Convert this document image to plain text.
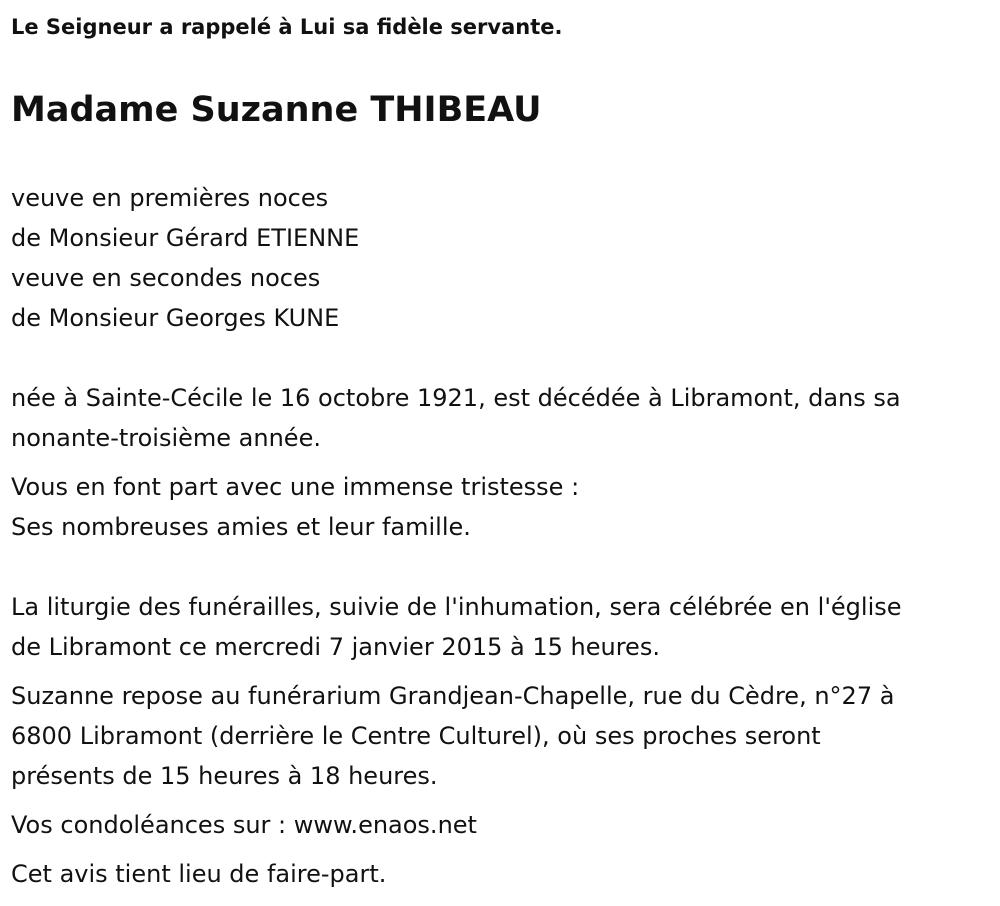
Le Seigneur a rappelé à Lui sa fidèle servante.

Madame Suzanne THIBEAU
veuve en premières noces
de Monsieur Gérard ETIENNE
veuve en secondes noces
de Monsieur Georges KUNE
née à Sainte-Cécile le 16 octobre 1921, est décédée à Libramont, dans sa
nonante-troisième année.
Vous en font part avec une immense tristesse :
Ses nombreuses amies et leur famille.
La liturgie des funérailles, suivie de l'inhumation, sera célébrée en l'église
de Libramont ce mercredi 7 janvier 2015 à 15 heures.
Suzanne repose au funérarium Grandjean-Chapelle, rue du Cèdre, n°27 à
6800 Libramont (derrière le Centre Culturel), où ses proches seront
présents de 15 heures à 18 heures.
Vos condoléances sur : www.enaos.net
Cet avis tient lieu de faire-part.
